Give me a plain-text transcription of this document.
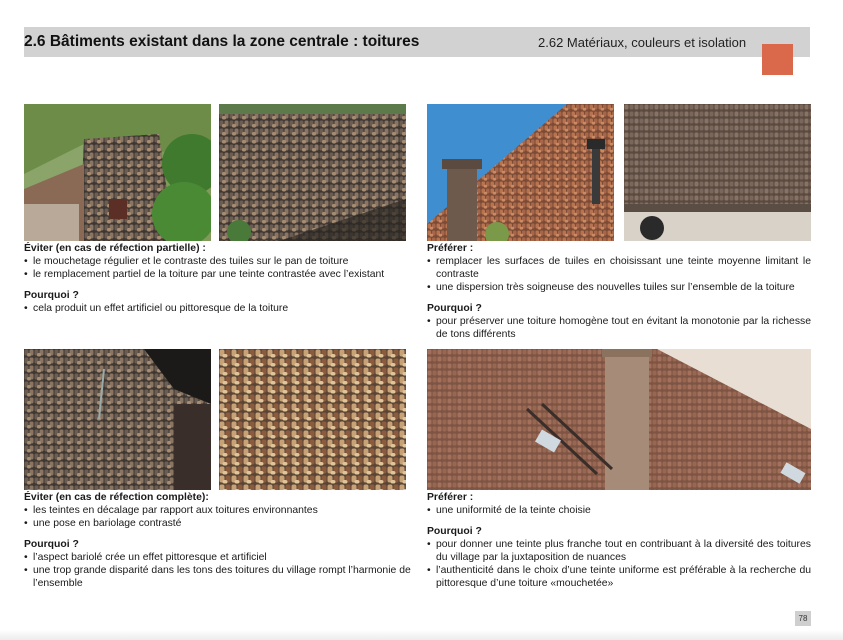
2.6 Bâtiments existant dans la zone centrale : toitures	2.62 Matériaux, couleurs et isolation
Éviter (en cas de réfection partielle) :
• le mouchetage régulier et le contraste des tuiles sur le pan de toiture
• le remplacement partiel de la toiture par une teinte contrastée avec l’existant
Pourquoi ?
• cela produit un effet artificiel ou pittoresque de la toiture
Préférer :
• remplacer les surfaces de tuiles en choisissant une teinte moyenne limitant le contraste
• une dispersion très soigneuse des nouvelles tuiles sur l’ensemble de la toiture
Pourquoi ?
• pour préserver une toiture homogène tout en évitant la monotonie par la richesse de tons différents
Éviter (en cas de réfection complète):
• les teintes en décalage par rapport aux toitures environnantes
• une pose en bariolage contrasté
Pourquoi ?
• l’aspect bariolé crée un effet pittoresque et artificiel
• une trop grande disparité dans les tons des toitures du village rompt l’harmonie de l’ensemble
Préférer :
• une uniformité de la teinte choisie
Pourquoi ?
• pour donner une teinte plus franche tout en contribuant à la diversité des toitures du village par la juxtaposition de nuances
• l’authenticité dans le choix d’une teinte uniforme est préférable à la recherche du pittoresque d’une toiture «mouchetée»
78
